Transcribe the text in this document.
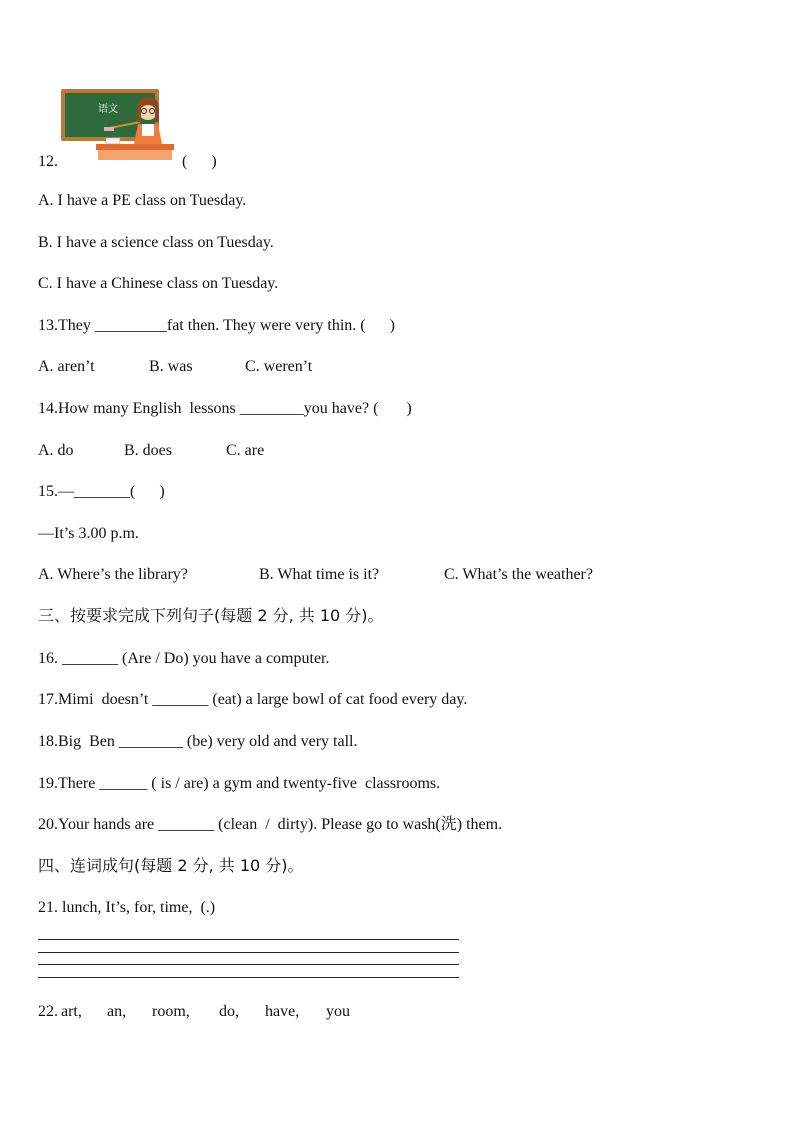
语文
12.	(      )
A. I have a PE class on Tuesday.
B. I have a science class on Tuesday.
C. I have a Chinese class on Tuesday.
13.They _________fat then. They were very thin. (      )
A. aren’t	B. was	C. weren’t
14.How many English  lessons ________you have? (       )
A. do	B. does	C. are
15.—_______(      )
—It’s 3.00 p.m.
A. Where’s the library?	B. What time is it?	C. What’s the weather?
三、按要求完成下列句子(每题 2 分, 共 10 分)。
16. _______ (Are / Do) you have a computer.
17.Mimi  doesn’t _______ (eat) a large bowl of cat food every day.
18.Big  Ben ________ (be) very old and very tall.
19.There ______ ( is / are) a gym and twenty-five  classrooms.
20.Your hands are _______ (clean  /  dirty). Please go to wash(洗) them.
四、连词成句(每题 2 分, 共 10 分)。
21. lunch, It’s, for, time,  (.)
22. art, an, room, do, have, you
